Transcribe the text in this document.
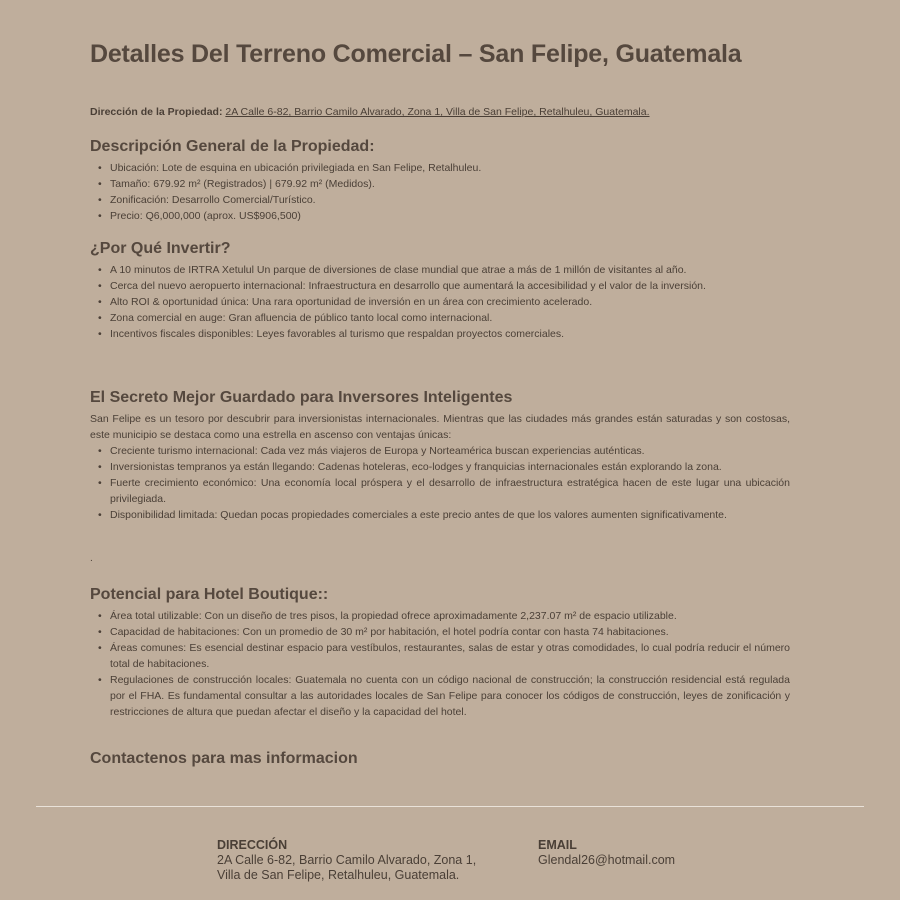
Detalles Del Terreno Comercial – San Felipe, Guatemala
Dirección de la Propiedad: 2A Calle 6-82, Barrio Camilo Alvarado, Zona 1, Villa de San Felipe, Retalhuleu, Guatemala.
Descripción General de la Propiedad:
• Ubicación: Lote de esquina en ubicación privilegiada en San Felipe, Retalhuleu.
• Tamaño: 679.92 m² (Registrados) | 679.92 m² (Medidos).
• Zonificación: Desarrollo Comercial/Turístico.
• Precio: Q6,000,000 (aprox. US$906,500)
¿Por Qué Invertir?
• A 10 minutos de IRTRA Xetulul Un parque de diversiones de clase mundial que atrae a más de 1 millón de visitantes al año.
• Cerca del nuevo aeropuerto internacional: Infraestructura en desarrollo que aumentará la accesibilidad y el valor de la inversión.
• Alto ROI & oportunidad única: Una rara oportunidad de inversión en un área con crecimiento acelerado.
• Zona comercial en auge: Gran afluencia de público tanto local como internacional.
• Incentivos fiscales disponibles: Leyes favorables al turismo que respaldan proyectos comerciales.
El Secreto Mejor Guardado para Inversores Inteligentes

San Felipe es un tesoro por descubrir para inversionistas internacionales. Mientras que las ciudades más grandes están saturadas y son costosas, este municipio se destaca como una estrella en ascenso con ventajas únicas:

• Creciente turismo internacional: Cada vez más viajeros de Europa y Norteamérica buscan experiencias auténticas.
• Inversionistas tempranos ya están llegando: Cadenas hoteleras, eco-lodges y franquicias internacionales están explorando la zona.
• Fuerte crecimiento económico: Una economía local próspera y el desarrollo de infraestructura estratégica hacen de este lugar una ubicación privilegiada.
• Disponibilidad limitada: Quedan pocas propiedades comerciales a este precio antes de que los valores aumenten significativamente.
.
Potencial para Hotel Boutique::
• Área total utilizable: Con un diseño de tres pisos, la propiedad ofrece aproximadamente 2,237.07 m² de espacio utilizable.
• Capacidad de habitaciones: Con un promedio de 30 m² por habitación, el hotel podría contar con hasta 74 habitaciones.
• Áreas comunes: Es esencial destinar espacio para vestíbulos, restaurantes, salas de estar y otras comodidades, lo cual podría reducir el número total de habitaciones.
• Regulaciones de construcción locales: Guatemala no cuenta con un código nacional de construcción; la construcción residencial está regulada por el FHA. Es fundamental consultar a las autoridades locales de San Felipe para conocer los códigos de construcción, leyes de zonificación y restricciones de altura que puedan afectar el diseño y la capacidad del hotel.
Contactenos para mas informacion
DIRECCIÓN
2A Calle 6-82, Barrio Camilo Alvarado, Zona 1,
Villa de San Felipe, Retalhuleu, Guatemala.
EMAIL
Glendal26@hotmail.com
